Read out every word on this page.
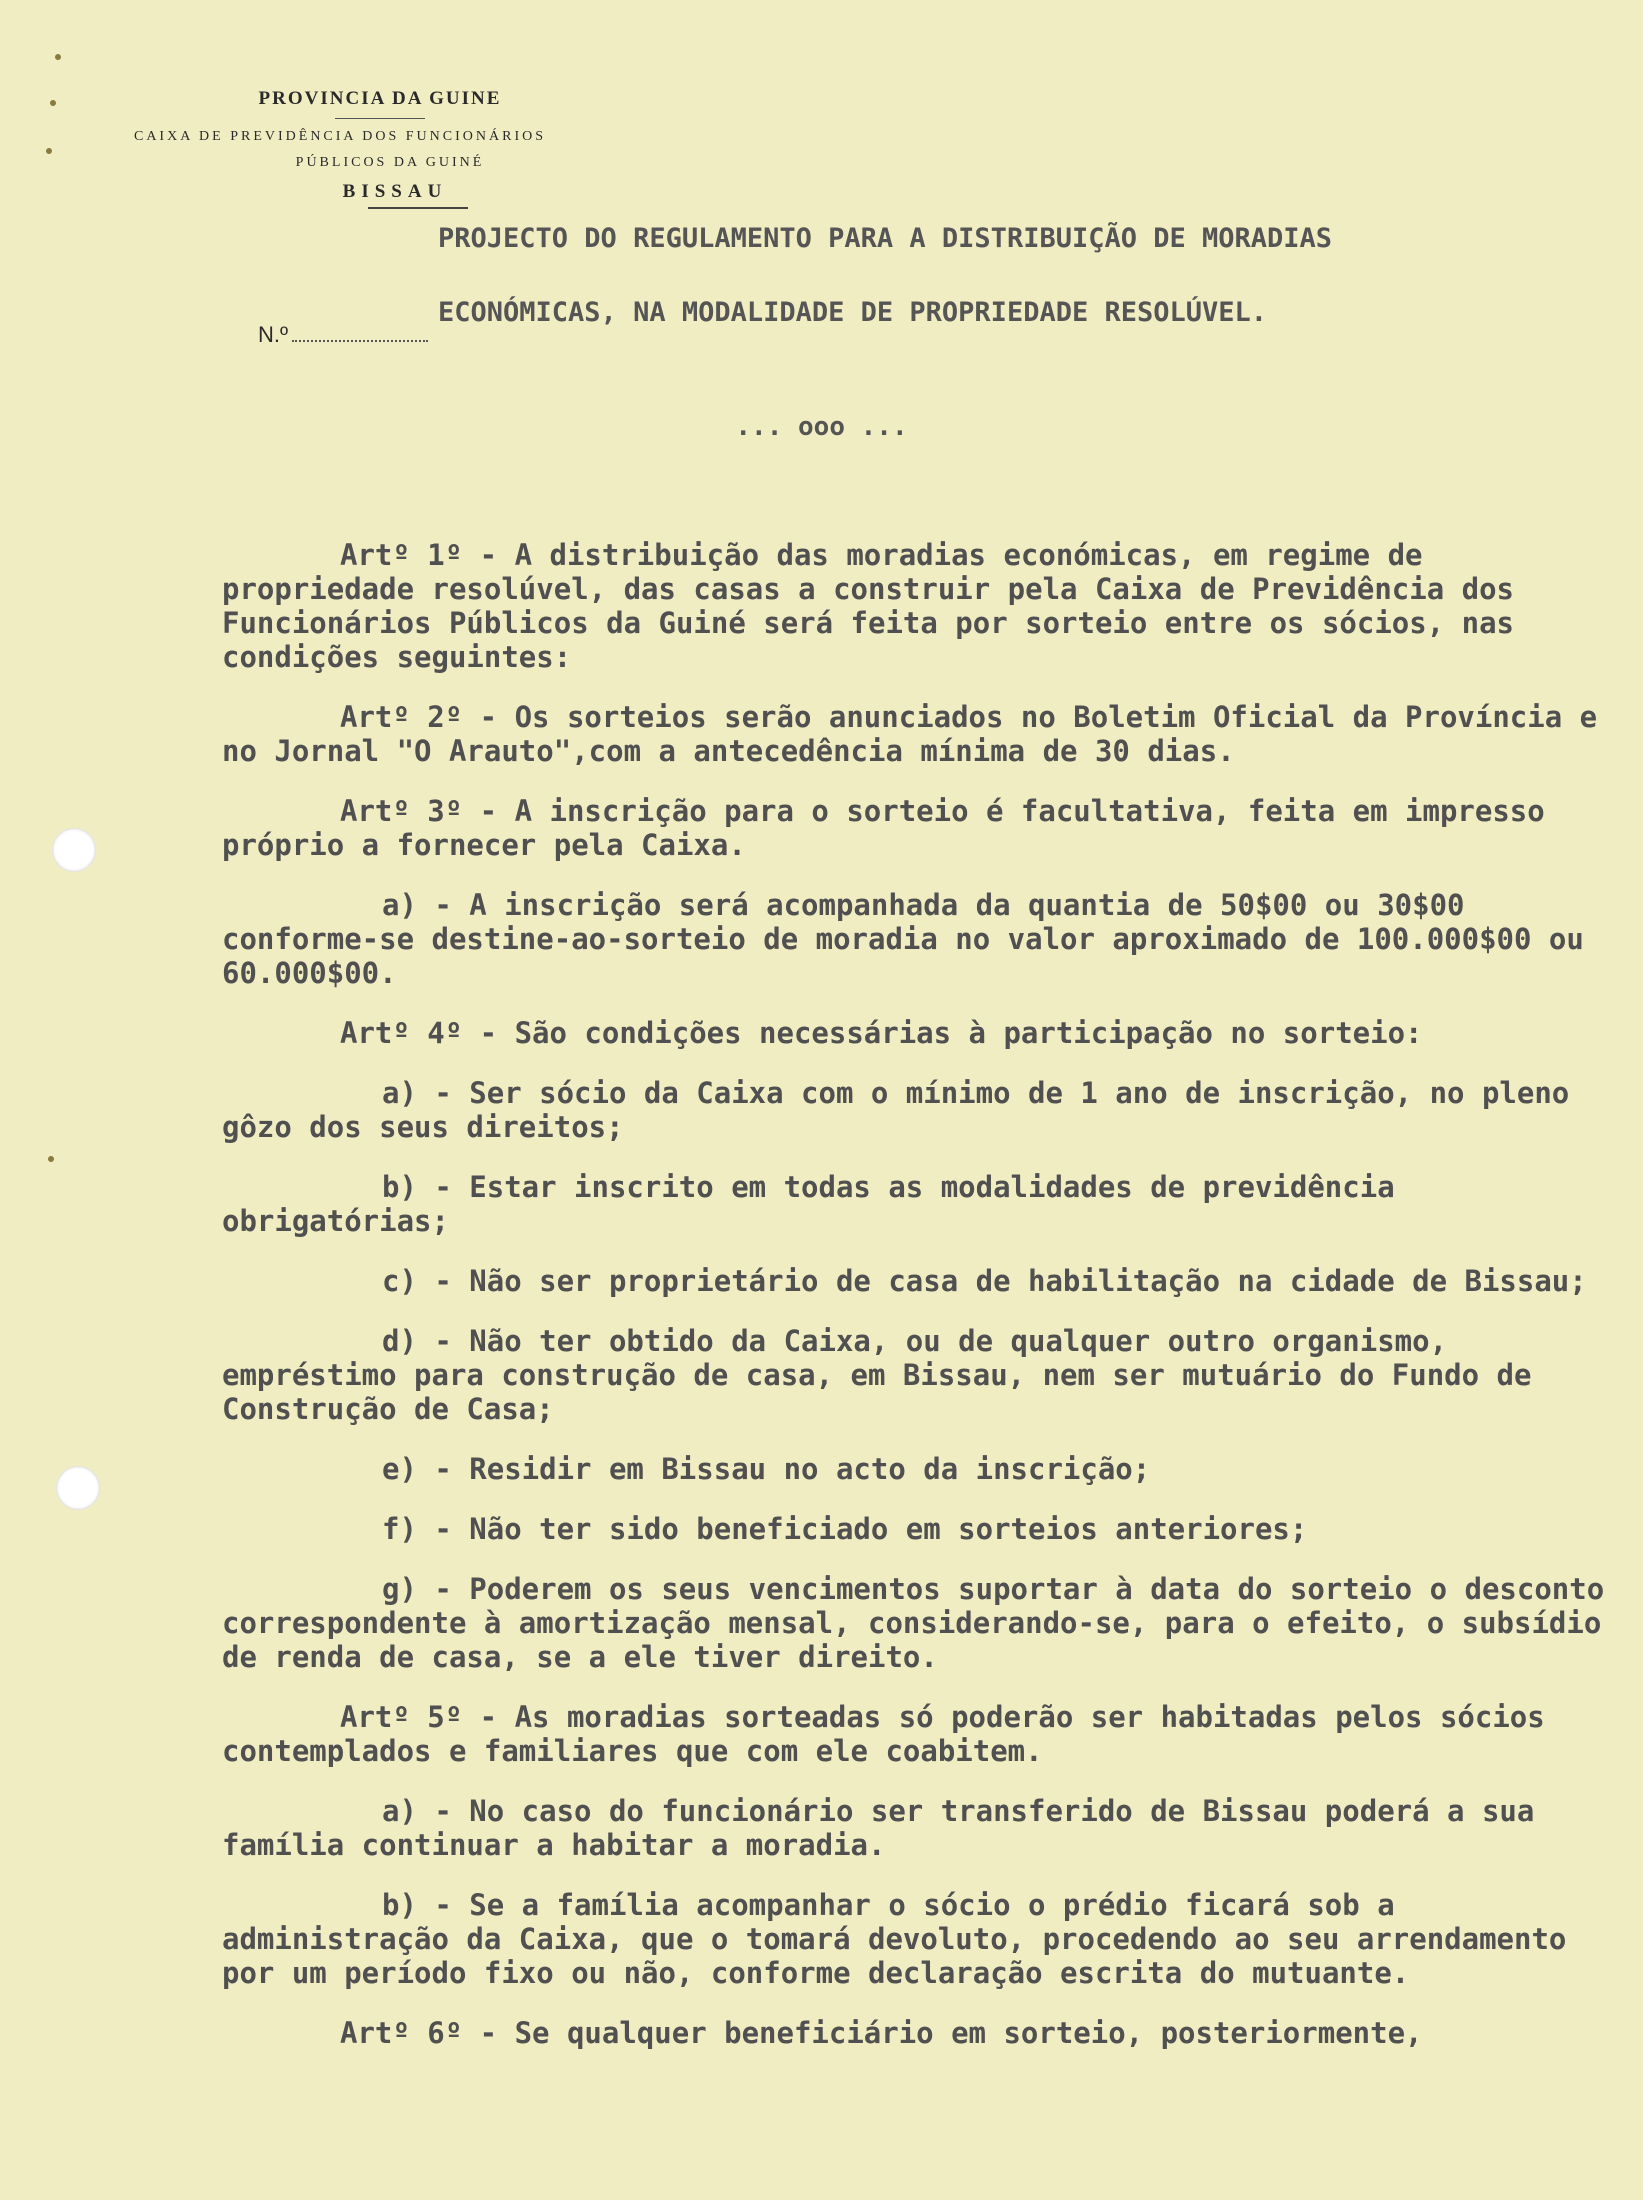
PROVINCIA DA GUINE
CAIXA DE PREVIDÊNCIA DOS FUNCIONÁRIOS
PÚBLICOS DA GUINÉ
BISSAU
N.º
PROJECTO DO REGULAMENTO PARA A DISTRIBUIÇÃO DE MORADIAS
ECONÓMICAS, NA MODALIDADE DE PROPRIEDADE RESOLÚVEL.
... ooo ...
Artº 1º - A distribuição das moradias económicas, em regime de propriedade resolúvel, das casas a construir pela Caixa de Previdência dos Funcionários Públicos da Guiné será feita por sorteio entre os sócios, nas condições seguintes:
Artº 2º - Os sorteios serão anunciados no Boletim Oficial da Província e no Jornal "O Arauto",com a antecedência mínima de 30 dias.
Artº 3º - A inscrição para o sorteio é facultativa, feita em impresso próprio a fornecer pela Caixa.
a) - A inscrição será acompanhada da quantia de 50$00 ou 30$00 conforme-se destine-ao-sorteio de moradia no valor aproximado de 100.000$00 ou 60.000$00.
Artº 4º - São condições necessárias à participação no sorteio:
a) - Ser sócio da Caixa com o mínimo de 1 ano de inscrição, no pleno gôzo dos seus direitos;
b) - Estar inscrito em todas as modalidades de previdência obrigatórias;
c) - Não ser proprietário de casa de habilitação na cidade de Bissau;
d) - Não ter obtido da Caixa, ou de qualquer outro organismo, empréstimo para construção de casa, em Bissau, nem ser mutuário do Fundo de Construção de Casa;
e) - Residir em Bissau no acto da inscrição;
f) - Não ter sido beneficiado em sorteios anteriores;
g) - Poderem os seus vencimentos suportar à data do sorteio o desconto correspondente à amortização mensal, considerando-se, para o efeito, o subsídio de renda de casa, se a ele tiver direito.
Artº 5º - As moradias sorteadas só poderão ser habitadas pelos sócios contemplados e familiares que com ele coabitem.
a) - No caso do funcionário ser transferido de Bissau poderá a sua família continuar a habitar a moradia.
b) - Se a família acompanhar o sócio o prédio ficará sob a administração da Caixa, que o tomará devoluto, procedendo ao seu arrendamento por um período fixo ou não, conforme declaração escrita do mutuante.
Artº 6º - Se qualquer beneficiário em sorteio, posteriormente,
